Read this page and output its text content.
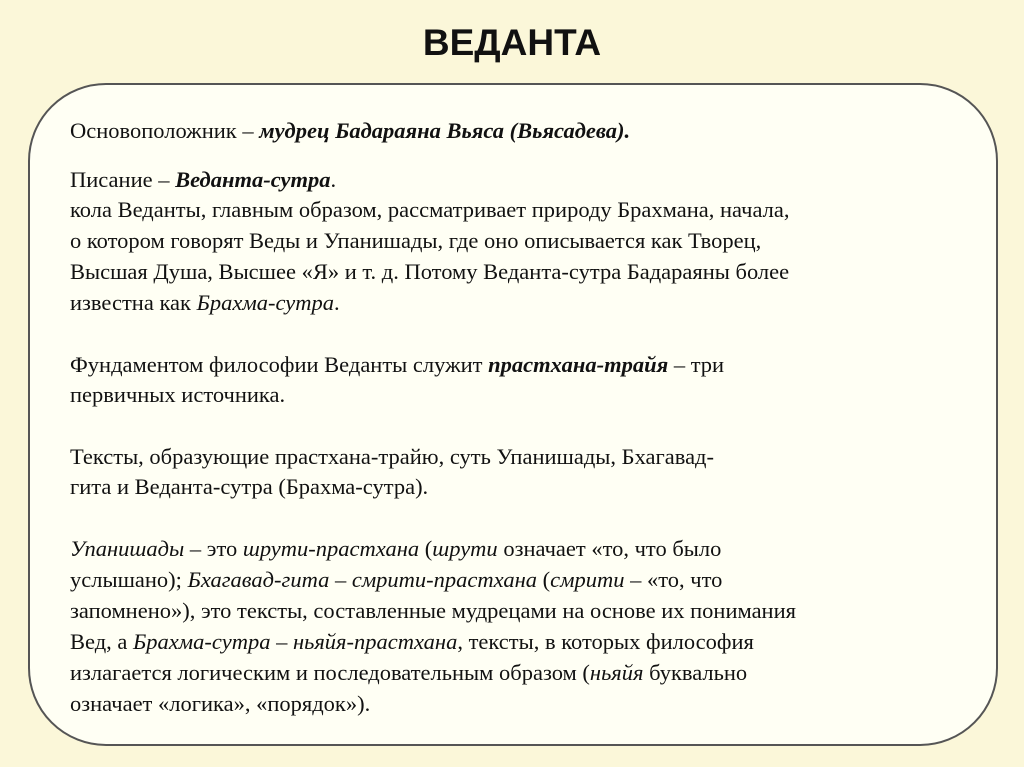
ВЕДАНТА
Основоположник – мудрец Бадараяна Вьяса (Вьясадева).
Писание – Веданта-сутра.
кола Веданты, главным образом, рассматривает природу Брахмана, начала,
о котором говорят Веды и Упанишады, где оно описывается как Творец,
Высшая Душа, Высшее «Я» и т. д. Потому Веданта-сутра Бадараяны более
известна как Брахма-сутра.
Фундаментом философии Веданты служит прастхана-трайя – три
первичных источника.
Тексты, образующие прастхана-трайю, суть Упанишады, Бхагавад-
гита и Веданта-сутра (Брахма-сутра).
Упанишады – это шрути-прастхана (шрути означает «то, что было
услышано); Бхагавад-гита – смрити-прастхана (смрити – «то, что
запомнено»), это тексты, составленные мудрецами на основе их понимания
Вед, а Брахма-сутра – ньяйя-прастхана, тексты, в которых философия
излагается логическим и последовательным образом (ньяйя буквально
означает «логика», «порядок»).
